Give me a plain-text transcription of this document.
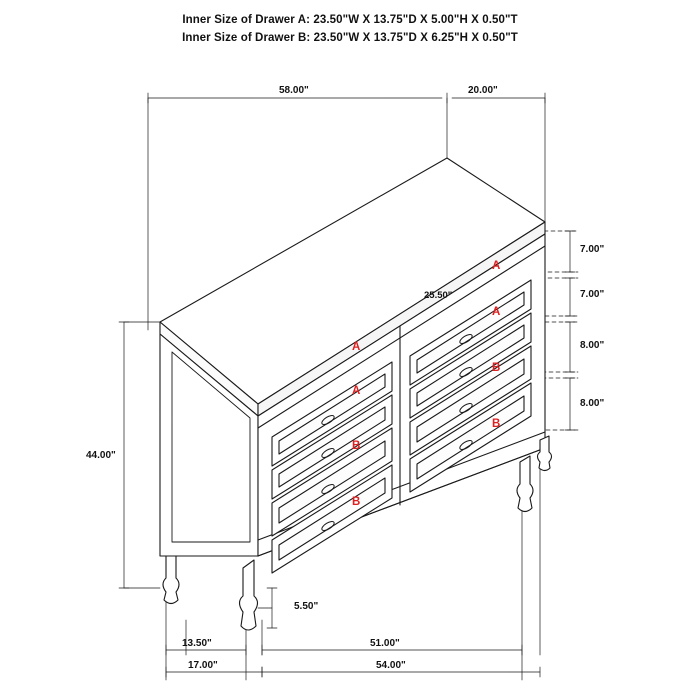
Inner Size of Drawer A: 23.50"W X 13.75"D X 5.00"H X 0.50"T
Inner Size of Drawer B: 23.50"W X 13.75"D X 6.25"H X 0.50"T
58.00"	20.00"
44.00"
7.00"
7.00"
8.00"
8.00"
25.50"
5.50"
13.50"
17.00"
51.00"
54.00"
A
A
B
B
A
A
B
B
